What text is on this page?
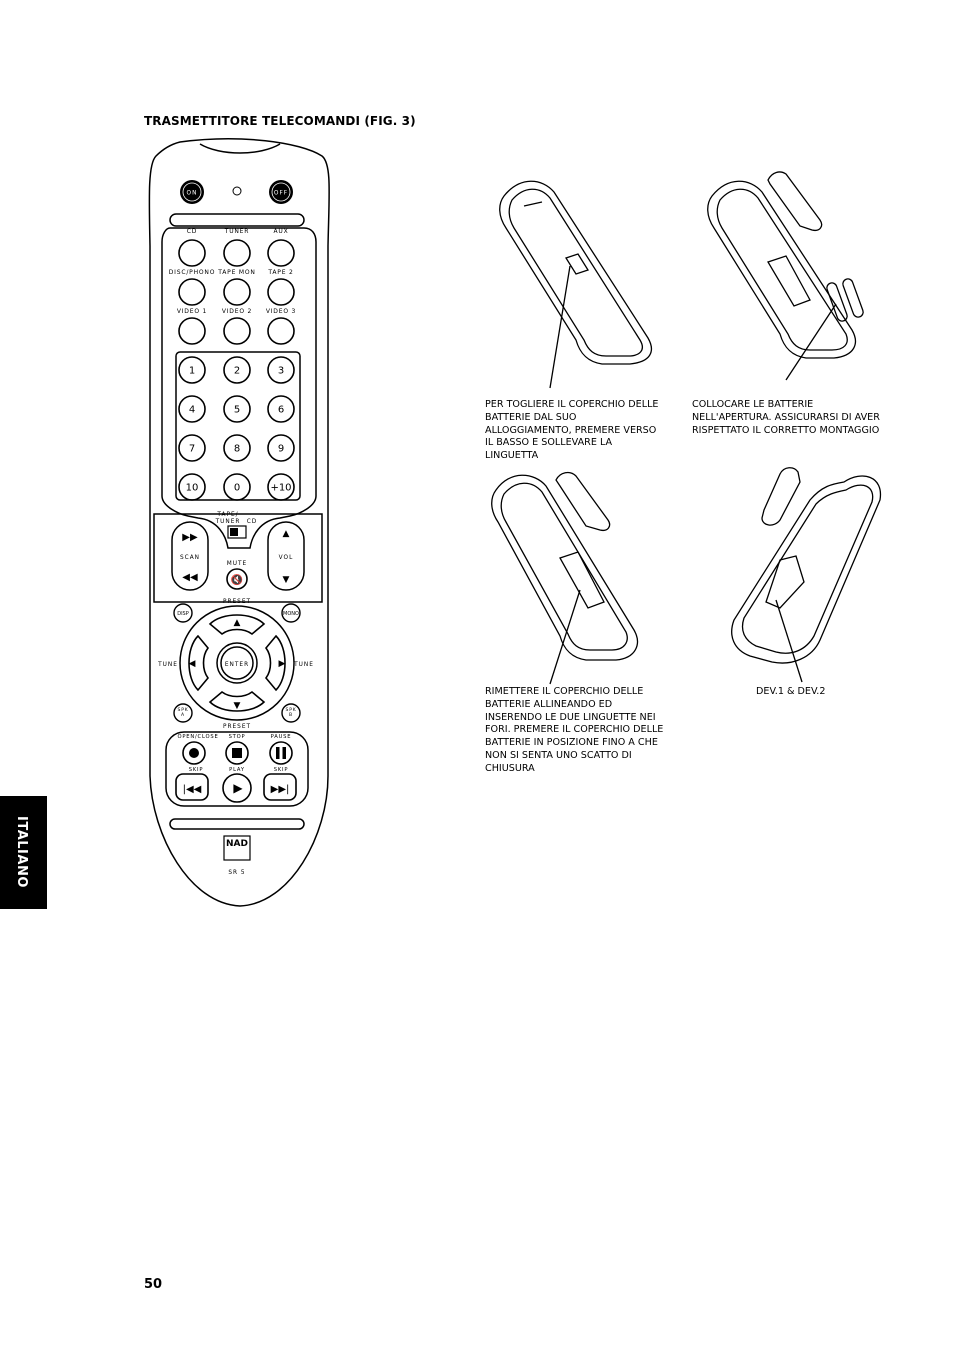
TRASMETTITORE TELECOMANDI (FIG. 3)
ON	OFF
CD	TUNER	AUX
DISC/PHONO TAPE MON TAPE 2
VIDEO 1 VIDEO 2 VIDEO 3
1	2	3
4	5	6
7	8	9
10	0	+10
TAPE/ TUNER CD
▶▶
SCAN
◀◀
▲
VOL
▼
MUTE
🔇
PRESET
DISP	MONO
▲
▼
◀	▶
ENTER
TUNE	TUNE
SPK A
SPK B
PRESET
OPEN/CLOSE STOP	PAUSE
SKIP	PLAY	SKIP
|◀◀	▶	▶▶|
NAD
SR 5
PER TOGLIERE IL COPERCHIO DELLE BATTERIE DAL SUO ALLOGGIAMENTO, PREMERE VERSO IL BASSO E SOLLEVARE LA LINGUETTA
COLLOCARE LE BATTERIE NELL'APERTURA. ASSICURARSI DI AVER RISPETTATO IL CORRETTO MONTAGGIO
RIMETTERE IL COPERCHIO DELLE BATTERIE ALLINEANDO ED INSERENDO LE DUE LINGUETTE NEI FORI. PREMERE IL COPERCHIO DELLE BATTERIE IN POSIZIONE FINO A CHE NON SI SENTA UNO SCATTO DI CHIUSURA
DEV.1 & DEV.2
ITALIANO
50
